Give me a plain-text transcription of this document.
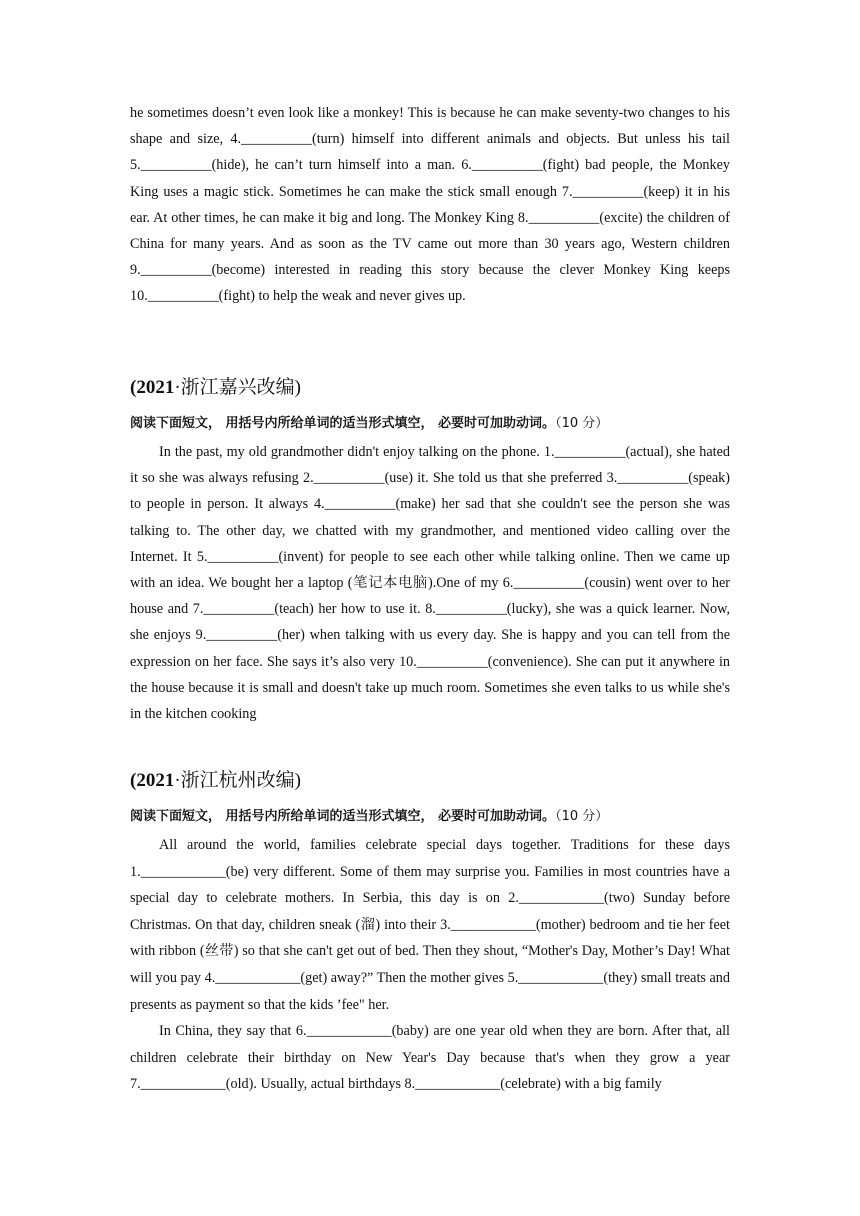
he sometimes doesn’t even look like a monkey! This is because he can make seventy-two changes to his shape and size, 4.__________(turn) himself into different animals and objects. But unless his tail 5.__________(hide), he can’t turn himself into a man. 6.__________(fight) bad people, the Monkey King uses a magic stick. Sometimes he can make the stick small enough 7.__________(keep) it in his ear. At other times, he can make it big and long. The Monkey King 8.__________(excite) the children of China for many years. And as soon as the TV came out more than 30 years ago, Western children 9.__________(become) interested in reading this story because the clever Monkey King keeps 10.__________(fight) to help the weak and never gives up.

(2021·浙江嘉兴改编)

阅读下面短文， 用括号内所给单词的适当形式填空， 必要时可加助动词。（10 分）

In the past, my old grandmother didn't enjoy talking on the phone. 1.__________(actual), she hated it so she was always refusing 2.__________(use) it. She told us that she preferred 3.__________(speak) to people in person. It always 4.__________(make) her sad that she couldn't see the person she was talking to. The other day, we chatted with my grandmother, and mentioned video calling over the Internet. It 5.__________(invent) for people to see each other while talking online. Then we came up with an idea. We bought her a laptop (笔记本电脑).One of my 6.__________(cousin) went over to her house and 7.__________(teach) her how to use it. 8.__________(lucky), she was a quick learner. Now, she enjoys 9.__________(her) when talking with us every day. She is happy and you can tell from the expression on her face. She says it’s also very 10.__________(convenience). She can put it anywhere in the house because it is small and doesn't take up much room. Sometimes she even talks to us while she's in the kitchen cooking

(2021·浙江杭州改编)

阅读下面短文， 用括号内所给单词的适当形式填空， 必要时可加助动词。（10 分）

All around the world, families celebrate special days together. Traditions for these days 1.____________(be) very different. Some of them may surprise you. Families in most countries have a special day to celebrate mothers. In Serbia, this day is on 2.____________(two) Sunday before Christmas. On that day, children sneak (溜) into their 3.____________(mother) bedroom and tie her feet with ribbon (丝带) so that she can't get out of bed. Then they shout, “Mother's Day, Mother’s Day! What will you pay 4.____________(get) away?” Then the mother gives 5.____________(they) small treats and presents as payment so that the kids ’fee" her.

In China, they say that 6.____________(baby) are one year old when they are born. After that, all children celebrate their birthday on New Year's Day because that's when they grow a year 7.____________(old). Usually, actual birthdays 8.____________(celebrate) with a big family
